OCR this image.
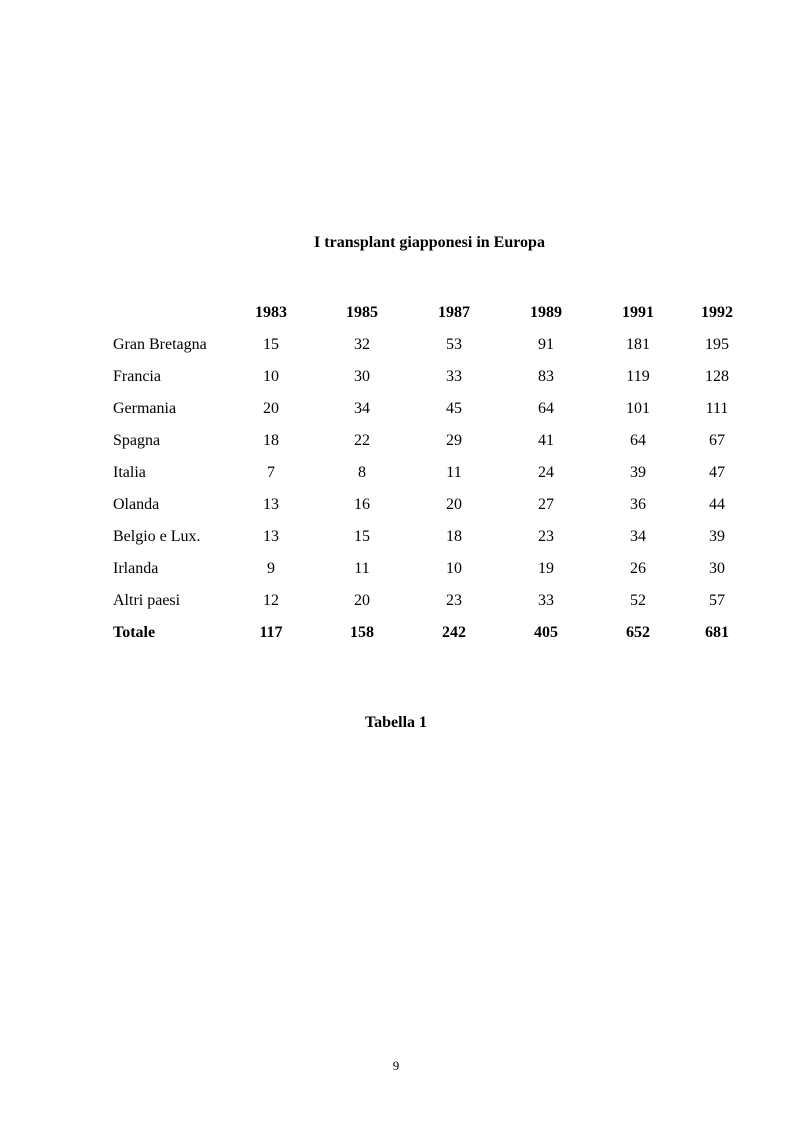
I transplant giapponesi in Europa
	1983	1985	1987	1989	1991	1992
Gran Bretagna	15	32	53	91	181	195
Francia	10	30	33	83	119	128
Germania	20	34	45	64	101	111
Spagna	18	22	29	41	64	67
Italia	7	8	11	24	39	47
Olanda	13	16	20	27	36	44
Belgio e Lux.	13	15	18	23	34	39
Irlanda	9	11	10	19	26	30
Altri paesi	12	20	23	33	52	57
Totale	117	158	242	405	652	681
Tabella 1
9
